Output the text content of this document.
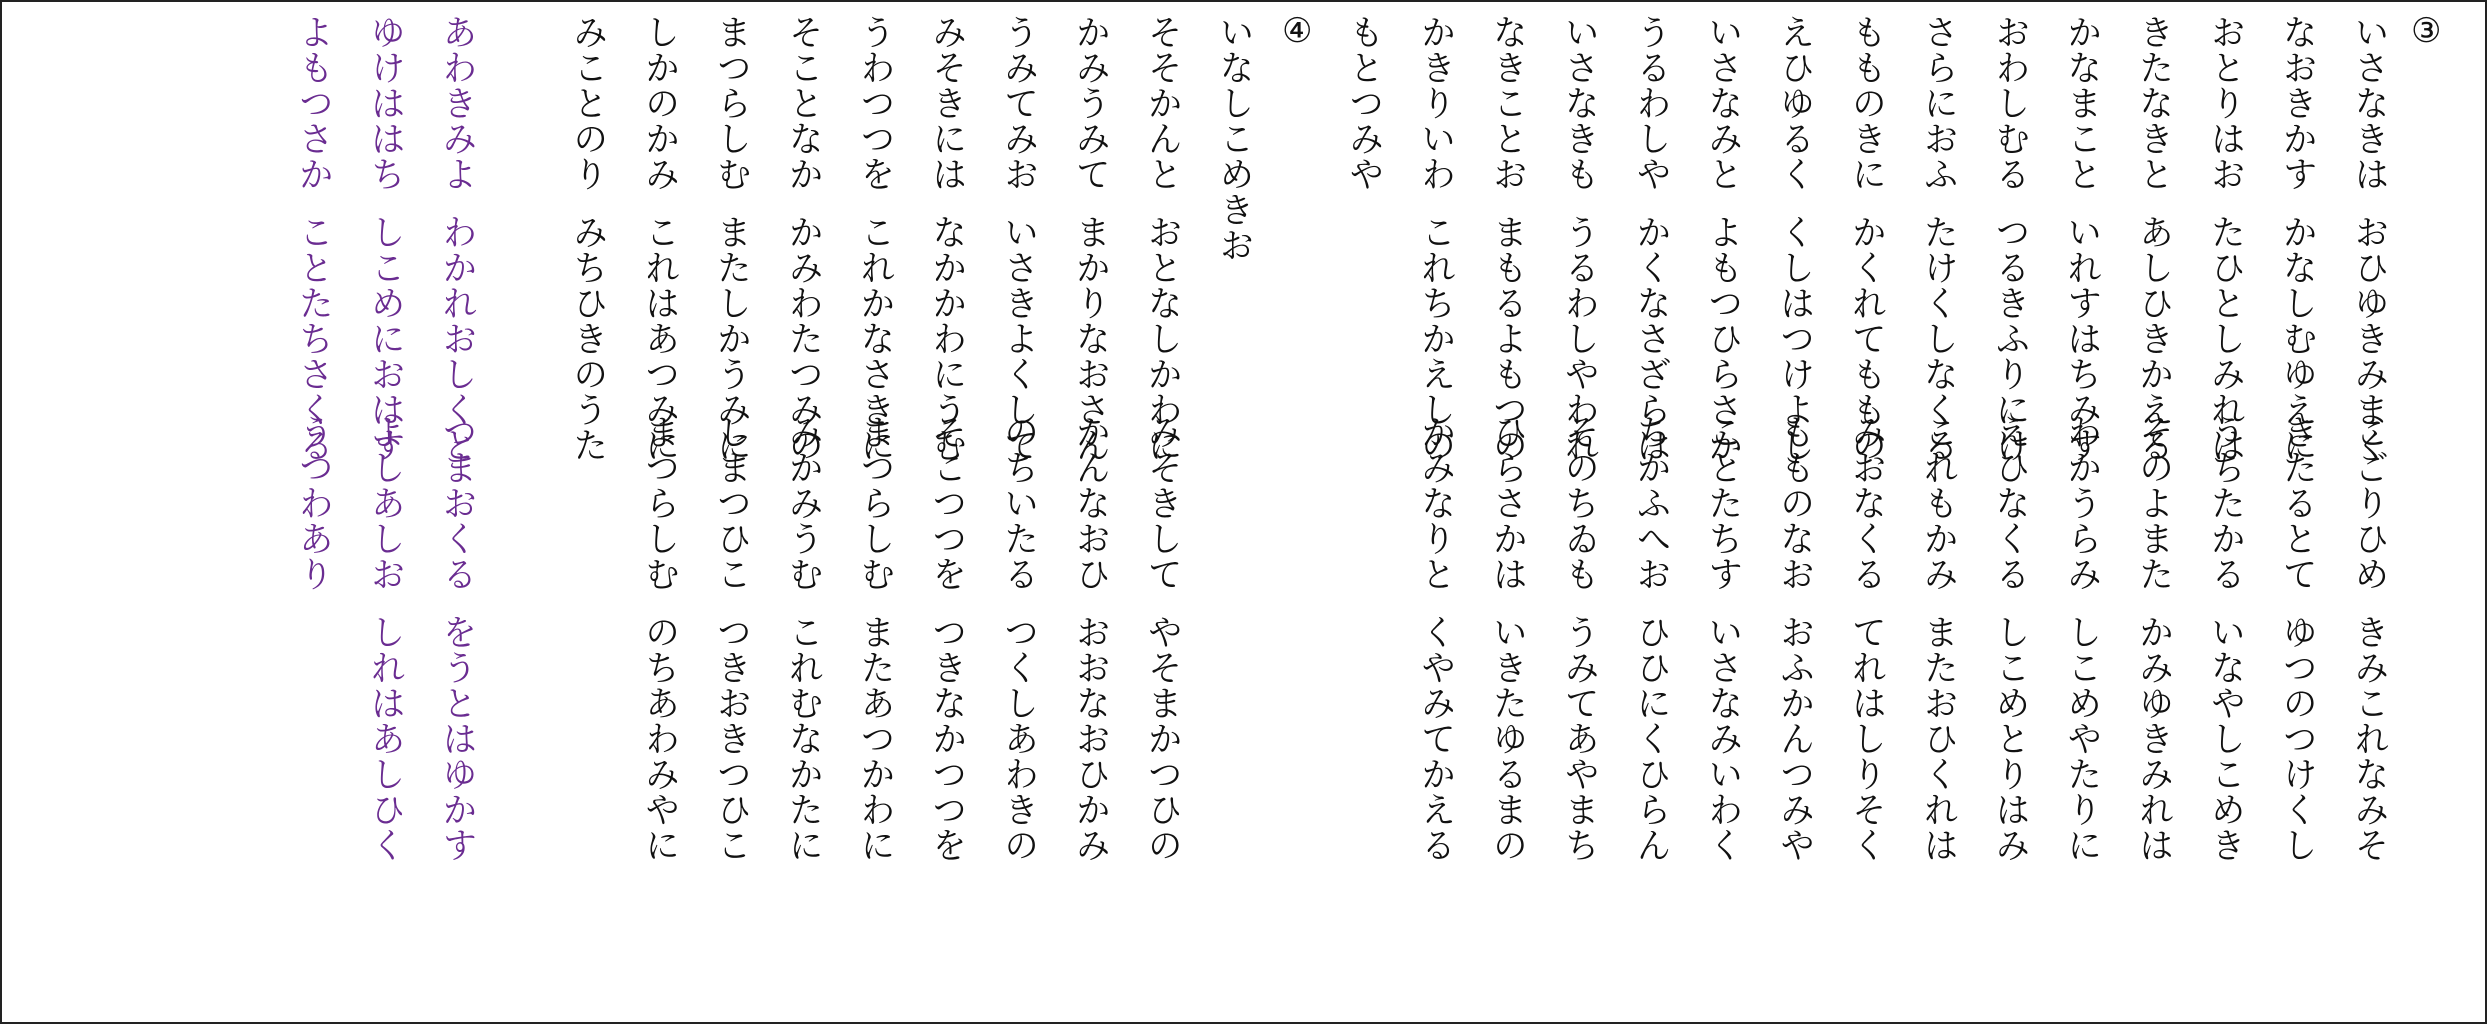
いさなきはおひゆきみまくこごりひめきみこれなみそ
なおきかすかなしむゆえにきたるとてゆつのつけくし
おとりはおたひとしみれはうちたかるいなやしこめき
きたなきとあしひきかえるそのよまたかみゆきみれは
かなまこといれすはちみすわかうらみしこめやたりに
おわしむるつるきふりにけえひなくるしこめとりはみ
さらにおふたけくしなくるこれもかみまたおひくれは
もものきにかくれてもものみおなくるてれはしりそく
えひゆるくくしはつけよしもものなおおふかんつみや
いさなみとよもつひらさかことたちすいさなみいわく
うるわしやかくなさざらはちかふへおひひにくひらん
いさなきもうるわしやわれそのちゐもうみてあやまち
なきことおまもるよもつのひらさかはいきたゆるまの
かきりいわこれちかえしのかみなりとくやみてかえる
もとつみや
いなしこめきお
そそかんとおとなしかわにみそきしてやそまかつひの
かみうみてまかりなおさんかんなおひおおなおひかみ
うみてみおいさきよくしてのちいたるつくしあわきの
みそきにはなかかわにうむそこつつをつきなかつつを
うわつつをこれかなさきにまつらしむまたあつかわに
そことなかかみわたつみのみかみうむこれむなかたに
まつらしむまたしかうみにしまつひこつきおきつひこ
しかのかみこれはあつみにまつらしむのちあわみやに
みことのりみちひきのうた
あわきみよわかれおしくとつまおくるをうとはゆかす
ゆけははちしこめにおはすよしあしおしれはあしひく
よもつさかことたちさくるうつわあり
③
④
